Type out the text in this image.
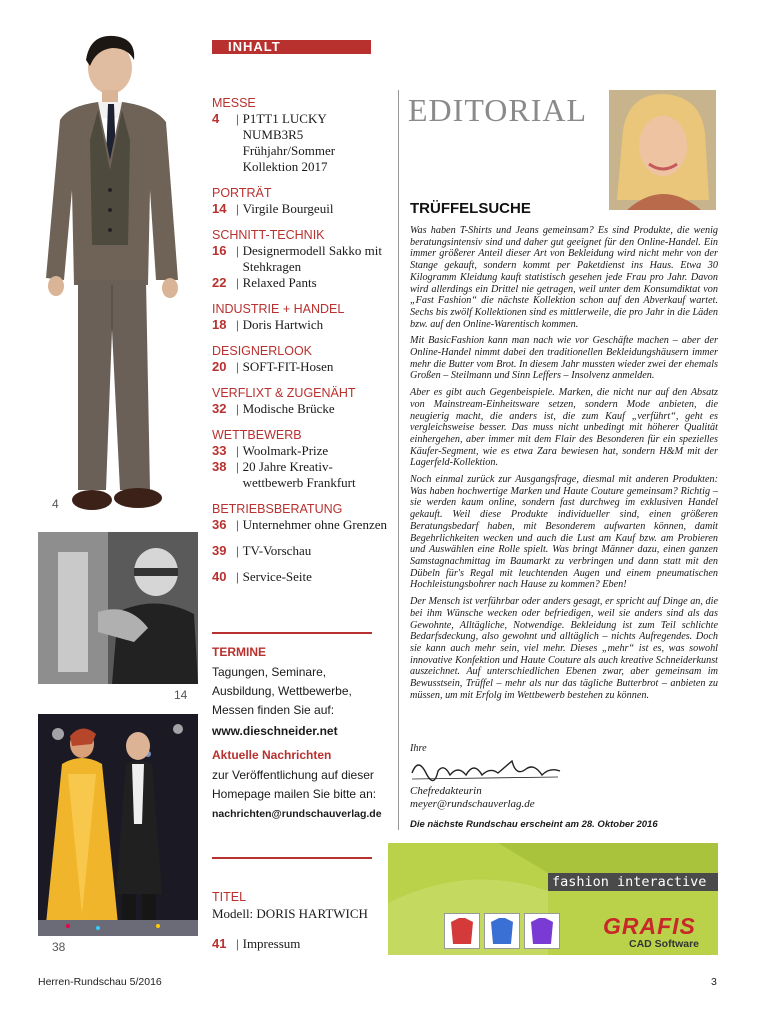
4
14
38
INHALT
MESSE
4	| P1TT1 LUCKY NUMB3R5 Frühjahr/Sommer Kollektion 2017
PORTRÄT
14 | Virgile Bourgeuil
SCHNITT-TECHNIK
16 | Designermodell Sakko mit Stehkragen
22 | Relaxed Pants
INDUSTRIE + HANDEL
18 | Doris Hartwich
DESIGNERLOOK
20 | SOFT-FIT-Hosen
VERFLIXT & ZUGENÄHT
32 | Modische Brücke
WETTBEWERB
33 | Woolmark-Prize
38 | 20 Jahre Kreativ-wettbewerb Frankfurt
BETRIEBSBERATUNG
36 | Unternehmer ohne Grenzen
39 | TV-Vorschau
40 | Service-Seite
TERMINE
Tagungen, Seminare, Ausbildung, Wettbewerbe, Messen finden Sie auf:
www.dieschneider.net
Aktuelle Nachrichten
zur Veröffentlichung auf dieser Homepage mailen Sie bitte an:
nachrichten@rundschauverlag.de
TITEL
Modell: DORIS HARTWICH
41 | Impressum
EDITORIAL
TRÜFFELSUCHE

Was haben T-Shirts und Jeans gemeinsam? Es sind Produkte, die wenig beratungsintensiv sind und daher gut geeignet für den Online-Handel. Ein immer größerer Anteil dieser Art von Bekleidung wird nicht mehr von der Stange gekauft, sondern kommt per Paketdienst ins Haus. Etwa 30 Kilogramm Kleidung kauft statistisch gesehen jede Frau pro Jahr. Davon wird allerdings ein Drittel nie getragen, weil unter dem Konsumdiktat von „Fast Fashion“ die nächste Kollektion schon auf den Abverkauf wartet. Sechs bis zwölf Kollektionen sind es mittlerweile, die pro Jahr in die Läden bzw. auf den Online-Warentisch kommen.

Mit BasicFashion kann man nach wie vor Geschäfte machen – aber der Online-Handel nimmt dabei den traditionellen Bekleidungshäusern immer mehr die Butter vom Brot. In diesem Jahr mussten wieder zwei der ehemals Großen – Steilmann und Sinn Leffers – Insolvenz anmelden.

Aber es gibt auch Gegenbeispiele. Marken, die nicht nur auf den Absatz von Mainstream-Einheitsware setzen, sondern Mode anbieten, die neugierig macht, die anders ist, die zum Kauf „verführt“, geht es vergleichsweise besser. Das muss nicht unbedingt mit höherer Qualität einhergehen, aber immer mit dem Flair des Besonderen für ein spezielles Käufer-Segment, wie es etwa Zara bewiesen hat, sondern H&M mit der Lagerfeld-Kollektion.

Noch einmal zurück zur Ausgangsfrage, diesmal mit anderen Produkten: Was haben hochwertige Marken und Haute Couture gemeinsam? Richtig – sie werden kaum online, sondern fast durchweg im exklusiven Handel gekauft. Weil diese Produkte individueller sind, einen größeren Beratungsbedarf haben, mit Besonderem aufwarten können, damit Begehrlichkeiten wecken und auch die Lust am Kauf bzw. am Probieren und Auswählen eine Rolle spielt. Was bringt Männer dazu, einen ganzen Samstagnachmittag im Baumarkt zu verbringen und dann statt mit den Dübeln für's Regal mit leuchtenden Augen und einem pneumatischen Hochleistungsbohrer nach Hause zu kommen? Eben!

Der Mensch ist verführbar oder anders gesagt, er spricht auf Dinge an, die bei ihm Wünsche wecken oder befriedigen, weil sie anders sind als das Gewohnte, Alltägliche, Notwendige. Bekleidung ist zum Teil schlichte Bedarfsdeckung, also gewohnt und alltäglich – nichts Aufregendes. Doch sie kann auch mehr sein, viel mehr. Dieses „mehr“ ist es, was sowohl innovative Konfektion und Haute Couture als auch kreative Schneiderkunst auszeichnet. Auf unterschiedlichen Ebenen zwar, aber gemeinsam im Bewusstsein, Trüffel – mehr als nur das tägliche Butterbrot – anbieten zu müssen, um mit Erfolg im Wettbewerb bestehen zu können.

Ihre
Chefredakteurin
meyer@rundschauverlag.de
Die nächste Rundschau erscheint am 28. Oktober 2016
fashion interactive
GRAFIS
CAD Software
Herren-Rundschau 5/2016	3
